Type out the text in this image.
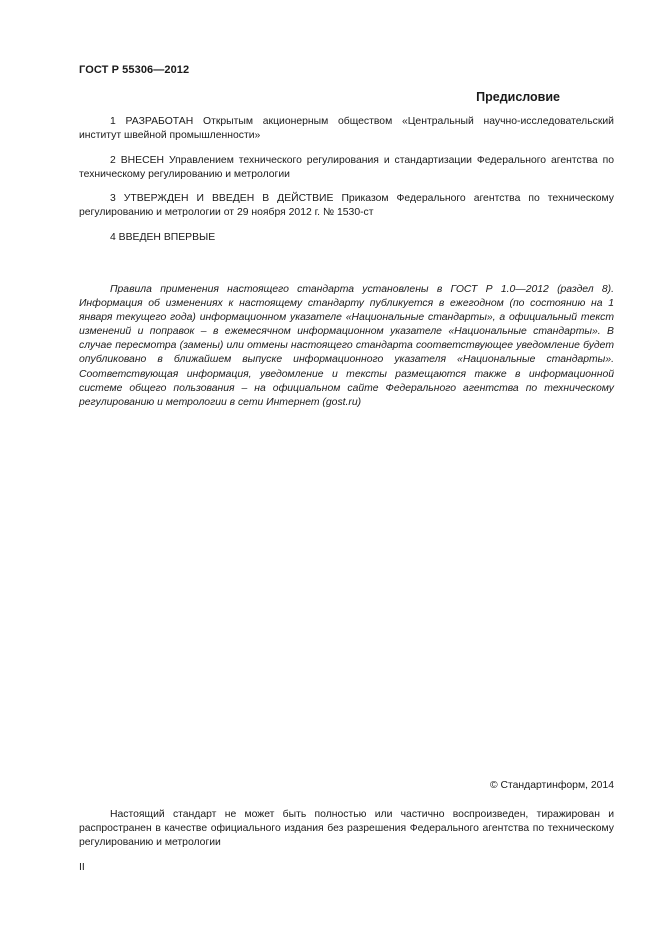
ГОСТ Р 55306—2012
Предисловие

1 РАЗРАБОТАН Открытым акционерным обществом «Центральный научно-исследовательский институт швейной промышленности»

2 ВНЕСЕН Управлением технического регулирования и стандартизации Федерального агентства по техническому регулированию и метрологии

3 УТВЕРЖДЕН И ВВЕДЕН В ДЕЙСТВИЕ Приказом Федерального агентства по техническому регулированию и метрологии от 29 ноября 2012 г. № 1530-ст

4 ВВЕДЕН ВПЕРВЫЕ

Правила применения настоящего стандарта установлены в ГОСТ Р 1.0—2012 (раздел 8). Информация об изменениях к настоящему стандарту публикуется в ежегодном (по состоянию на 1 января текущего года) информационном указателе «Национальные стандарты», а официальный текст изменений и поправок – в ежемесячном информационном указателе «Национальные стандарты». В случае пересмотра (замены) или отмены настоящего стандарта соответствующее уведомление будет опубликовано в ближайшем выпуске информационного указателя «Национальные стандарты». Соответствующая информация, уведомление и тексты размещаются также в информационной системе общего пользования – на официальном сайте Федерального агентства по техническому регулированию и метрологии в сети Интернет (gost.ru)

© Стандартинформ, 2014

Настоящий стандарт не может быть полностью или частично воспроизведен, тиражирован и распространен в качестве официального издания без разрешения Федерального агентства по техническому регулированию и метрологии

II
